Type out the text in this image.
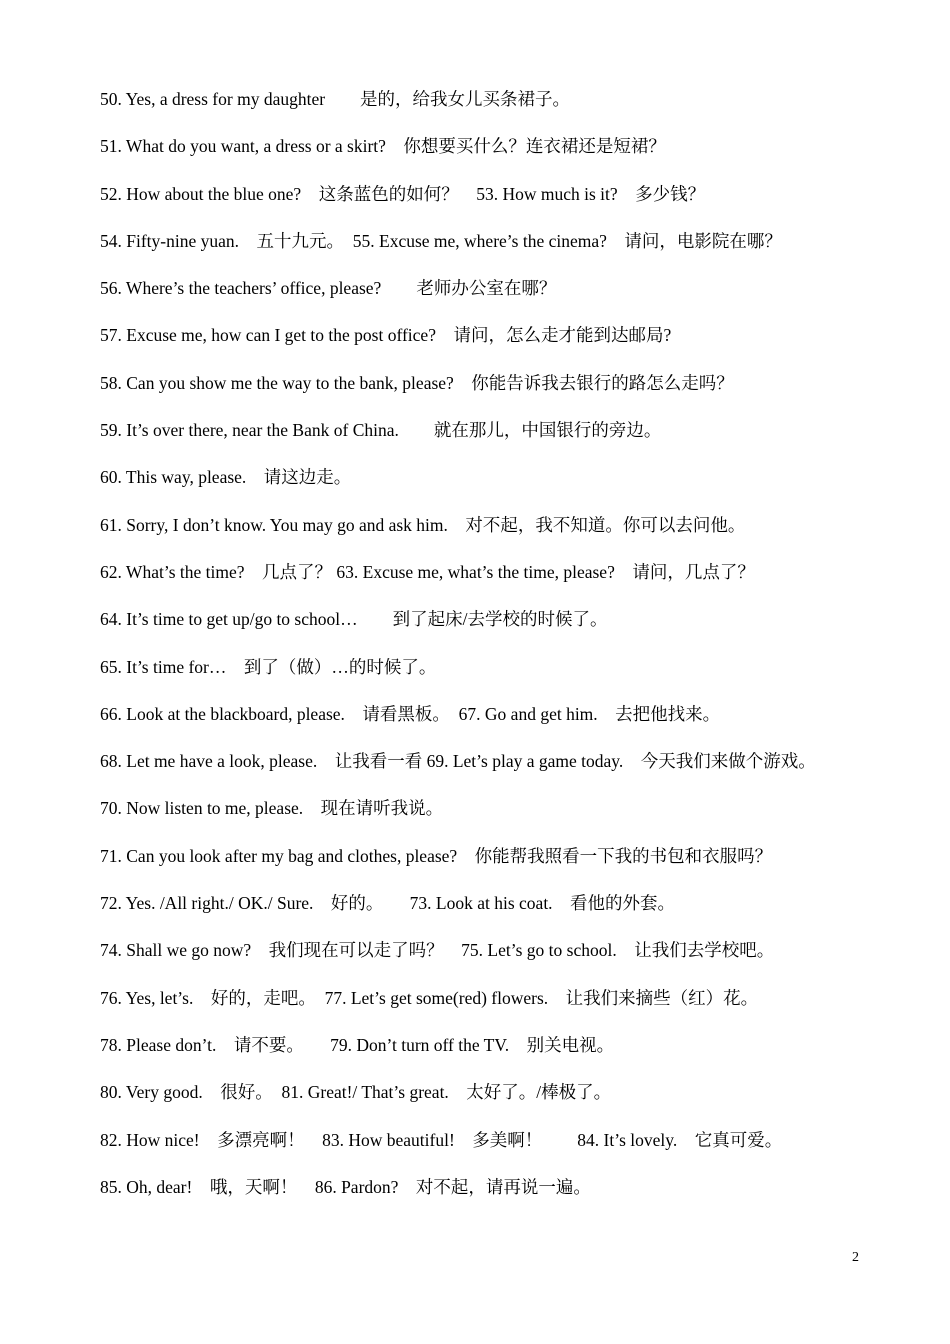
50. Yes, a dress for my daughter　　是的，给我女儿买条裙子。
51. What do you want, a dress or a skirt?　你想要买什么？连衣裙还是短裙？
52. How about the blue one?　这条蓝色的如何？　53. How much is it?　多少钱？
54. Fifty-nine yuan.　五十九元。　55. Excuse me, where’s the cinema?　请问，电影院在哪？
56. Where’s the teachers’ office, please?　　老师办公室在哪？
57. Excuse me, how can I get to the post office?　请问，怎么走才能到达邮局?
58. Can you show me the way to the bank, please?　你能告诉我去银行的路怎么走吗？
59. It’s over there, near the Bank of China.　　就在那儿，中国银行的旁边。
60. This way, please.　请这边走。
61. Sorry, I don’t know. You may go and ask him.　对不起，我不知道。你可以去问他。
62. What’s the time?　几点了？ 63. Excuse me, what’s the time, please?　请问，几点了？
64. It’s time to get up/go to school…　　到了起床/去学校的时候了。
65. It’s time for…　到了（做）…的时候了。
66. Look at the blackboard, please.　请看黑板。　67. Go and get him.　去把他找来。
68. Let me have a look, please.　让我看一看 69. Let’s play a game today.　今天我们来做个游戏。
70. Now listen to me, please.　现在请听我说。
71. Can you look after my bag and clothes, please?　你能帮我照看一下我的书包和衣服吗？
72. Yes. /All right./ OK./ Sure.　好的。　　73. Look at his coat.　看他的外套。
74. Shall we go now?　我们现在可以走了吗？　75. Let’s go to school.　让我们去学校吧。
76. Yes, let’s.　好的，走吧。　77. Let’s get some(red) flowers.　让我们来摘些（红）花。
78. Please don’t.　请不要。　　79. Don’t turn off the TV.　别关电视。
80. Very good.　很好。　81. Great!/ That’s great.　太好了。/棒极了。
82. How nice!　多漂亮啊！　83. How beautiful!　多美啊！　　84. It’s lovely.　它真可爱。
85. Oh, dear!　哦，天啊！　86. Pardon?　对不起，请再说一遍。
2
